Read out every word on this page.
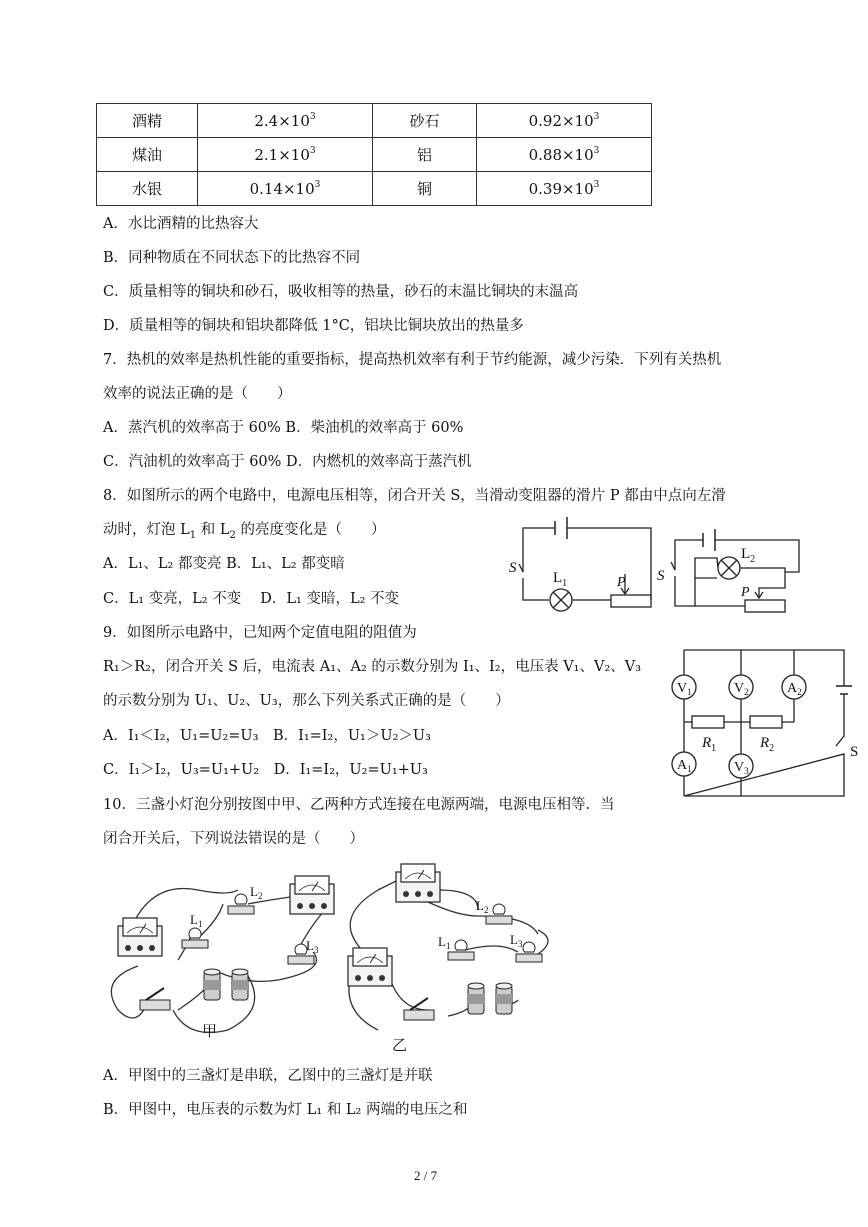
酒精	$2.4\times 10^3$	砂石	$0.92\times 10^3$
煤油	$2.1\times 10^3$	铝	$0.88\times 10^3$
水银	$0.14\times 10^3$	铜	$0.39\times 10^3$
A．水比酒精的比热容大
B．同种物质在不同状态下的比热容不同
C．质量相等的铜块和砂石，吸收相等的热量，砂石的末温比铜块的末温高
D．质量相等的铜块和铝块都降低 1°C，铝块比铜块放出的热量多
7．热机的效率是热机性能的重要指标，提高热机效率有利于节约能源，减少污染．下列有关热机
效率的说法正确的是（　　）
A．蒸汽机的效率高于 60% B．柴油机的效率高于 60%
C．汽油机的效率高于 60% D．内燃机的效率高于蒸汽机
8．如图所示的两个电路中，电源电压相等，闭合开关 S，当滑动变阻器的滑片 P 都由中点向左滑
动时，灯泡 $L_1$ 和 $L_2$ 的亮度变化是（　　）
A．L₁、L₂ 都变亮 B．L₁、L₂ 都变暗
C．L₁ 变亮，L₂ 不变　 D．L₁ 变暗，L₂ 不变
S
$L_1$	P S
$L_2$
P
9．如图所示电路中，已知两个定值电阻的阻值为
R₁＞R₂，闭合开关 S 后，电流表 A₁、A₂ 的示数分别为 I₁、I₂，电压表 V₁、V₂、V₃
的示数分别为 U₁、U₂、U₃，那么下列关系式正确的是（　　）
A．I₁＜I₂，U₁=U₂=U₃　B．I₁=I₂，U₁＞U₂＞U₃
C．I₁＞I₂，U₃=U₁+U₂　D．I₁=I₂，U₂=U₁+U₃
$V_1$	$V_2$	$A_2$
$A_1$	$V_3$
$R_1$	$R_2$	S
10．三盏小灯泡分别按图中甲、乙两种方式连接在电源两端，电源电压相等．当
闭合开关后，下列说法错误的是（　　）
$L_1$
$L_2$
$L_3$
$L_2$
$L_1$	$L_3$
甲
乙
A．甲图中的三盏灯是串联，乙图中的三盏灯是并联
B．甲图中，电压表的示数为灯 L₁ 和 L₂ 两端的电压之和
2 / 7
